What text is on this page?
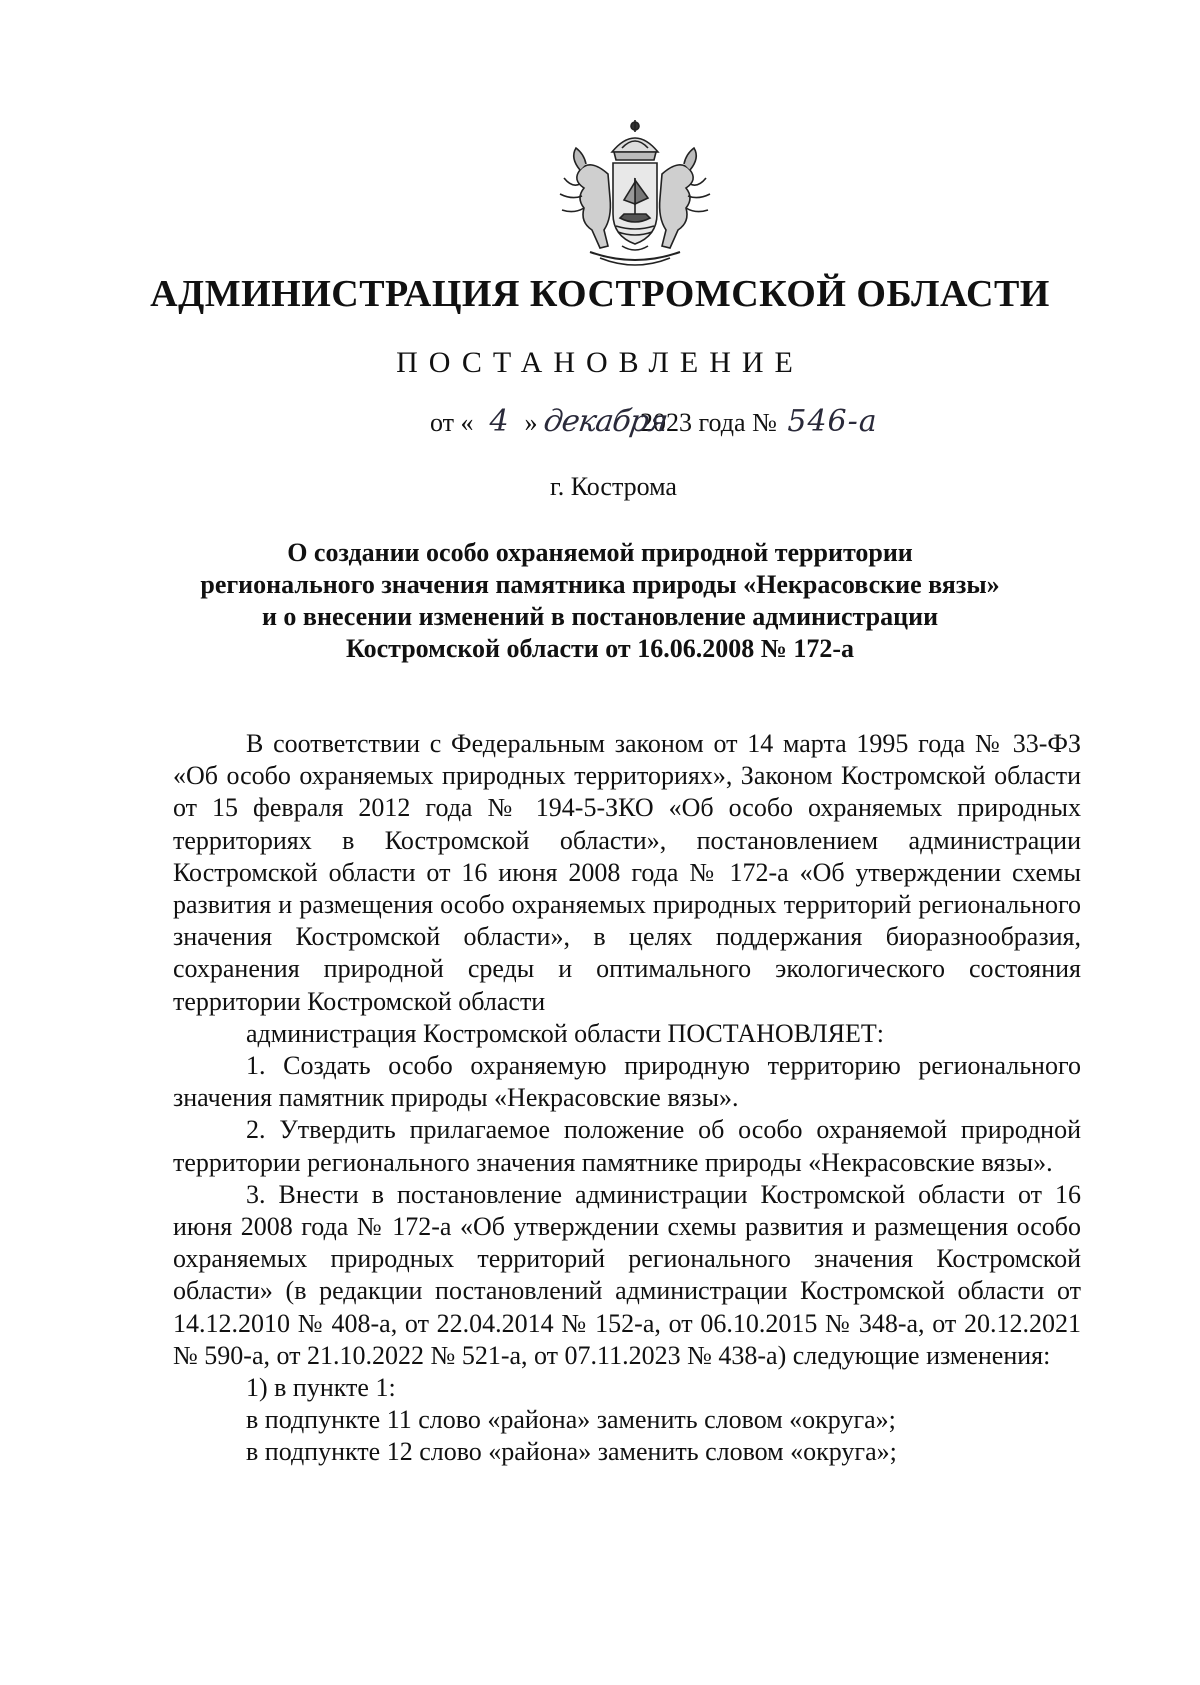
АДМИНИСТРАЦИЯ КОСТРОМСКОЙ ОБЛАСТИ
ПОСТАНОВЛЕНИЕ
от « 4 » декабря2023 года № 546-а
г. Кострома
О создании особо охраняемой природной территории
регионального значения памятника природы «Некрасовские вязы»
и о внесении изменений в постановление администрации
Костромской области от 16.06.2008 № 172-а

В соответствии с Федеральным законом от 14 марта 1995 года № 33-ФЗ «Об особо охраняемых природных территориях», Законом Костромской области от 15 февраля 2012 года № 194-5-ЗКО «Об особо охраняемых природных территориях в Костромской области», постановлением администрации Костромской области от 16 июня 2008 года № 172-а «Об утверждении схемы развития и размещения особо охраняемых природных территорий регионального значения Костромской области», в целях поддержания биоразнообразия, сохранения природной среды и оптимального экологического состояния территории Костромской области

администрация Костромской области ПОСТАНОВЛЯЕТ:

1. Создать особо охраняемую природную территорию регионального значения памятник природы «Некрасовские вязы».

2. Утвердить прилагаемое положение об особо охраняемой природной территории регионального значения памятнике природы «Некрасовские вязы».

3. Внести в постановление администрации Костромской области от 16 июня 2008 года № 172-а «Об утверждении схемы развития и размещения особо охраняемых природных территорий регионального значения Костромской области» (в редакции постановлений администрации Костромской области от 14.12.2010 № 408-а, от 22.04.2014 № 152-а, от 06.10.2015 № 348-а, от 20.12.2021 № 590-а, от 21.10.2022 № 521-а, от 07.11.2023 № 438-а) следующие изменения:

1) в пункте 1:

в подпункте 11 слово «района» заменить словом «округа»;

в подпункте 12 слово «района» заменить словом «округа»;
